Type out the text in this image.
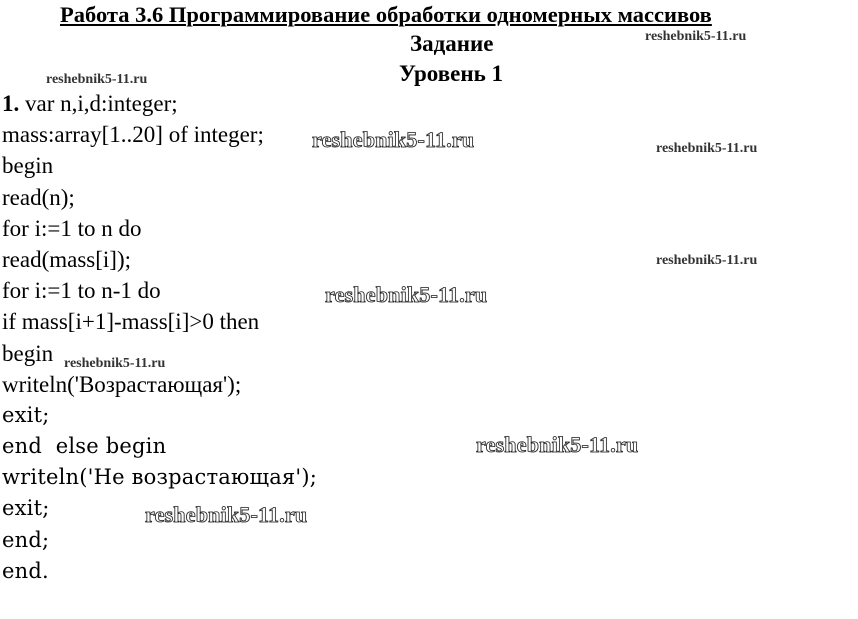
Работа 3.6 Программирование обработки одномерных массивов
Задание
Уровень 1
1. var n,i,d:integer;
mass:array[1..20] of integer;
begin
read(n);
for i:=1 to n do
read(mass[i]);
for i:=1 to n-1 do
if mass[i+1]-mass[i]>0 then
begin
writeln('Возрастающая');
exit;
end  else begin
writeln('Не возрастающая');
exit;
end;
end.
reshebnik5-11.ru
reshebnik5-11.ru
reshebnik5-11.ru	reshebnik5-11.ru
reshebnik5-11.ru
reshebnik5-11.ru
reshebnik5-11.ru
reshebnik5-11.ru
reshebnik5-11.ru
